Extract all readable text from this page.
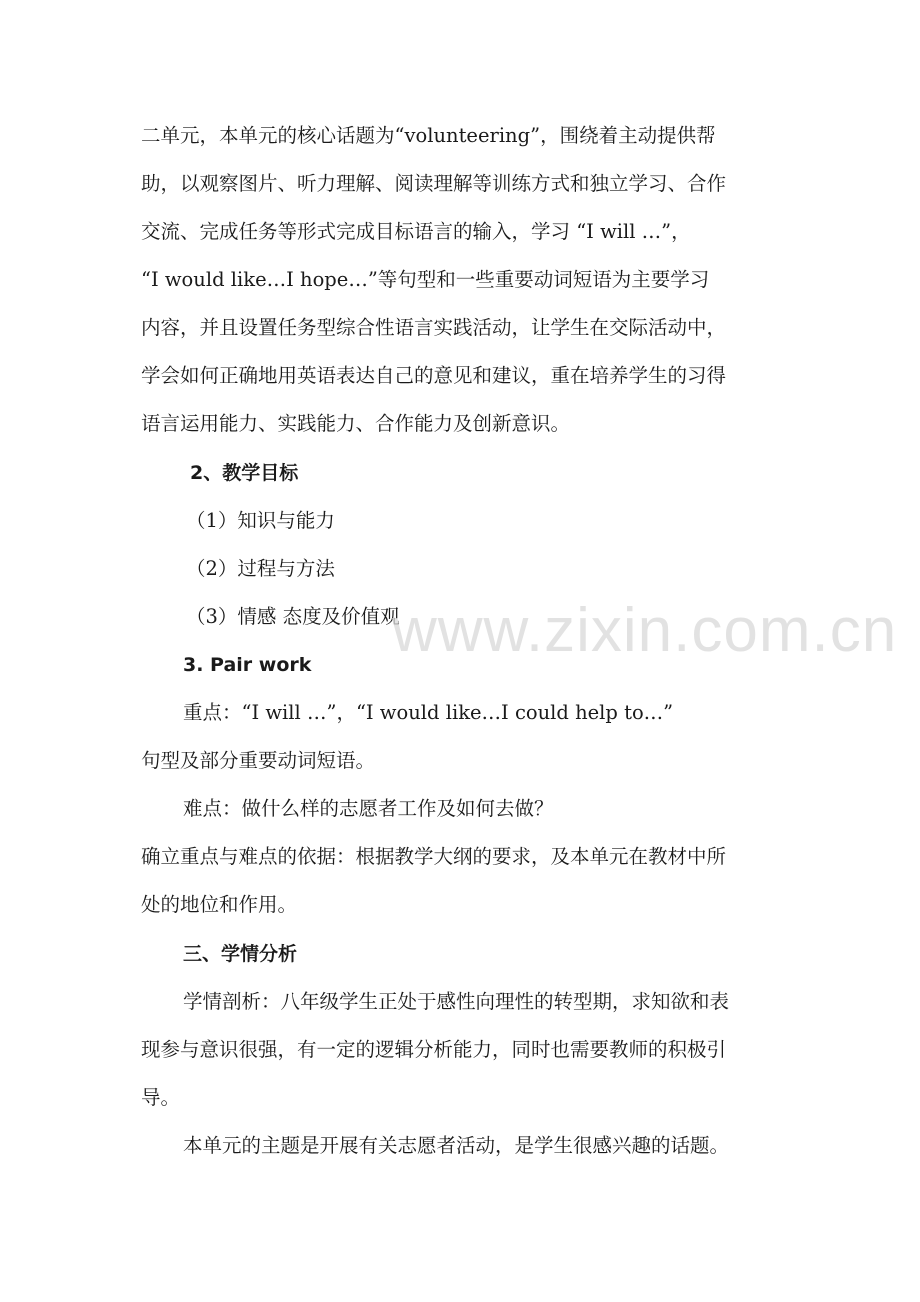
二单元，本单元的核心话题为“volunteering”，围绕着主动提供帮
助，以观察图片、听力理解、阅读理解等训练方式和独立学习、合作
交流、完成任务等形式完成目标语言的输入，学习 “I will …”，
“I would like…I hope…”等句型和一些重要动词短语为主要学习
内容，并且设置任务型综合性语言实践活动，让学生在交际活动中，
学会如何正确地用英语表达自己的意见和建议，重在培养学生的习得
语言运用能力、实践能力、合作能力及创新意识。
2、教学目标
（1）知识与能力
（2）过程与方法
（3）情感 态度及价值观
3. Pair work
重点：“I will …”，“I would like…I could help to…”
句型及部分重要动词短语。
难点：做什么样的志愿者工作及如何去做？
确立重点与难点的依据：根据教学大纲的要求，及本单元在教材中所
处的地位和作用。
三、学情分析
学情剖析：八年级学生正处于感性向理性的转型期，求知欲和表
现参与意识很强，有一定的逻辑分析能力，同时也需要教师的积极引
导。
本单元的主题是开展有关志愿者活动，是学生很感兴趣的话题。
www.zixin.com.cn
